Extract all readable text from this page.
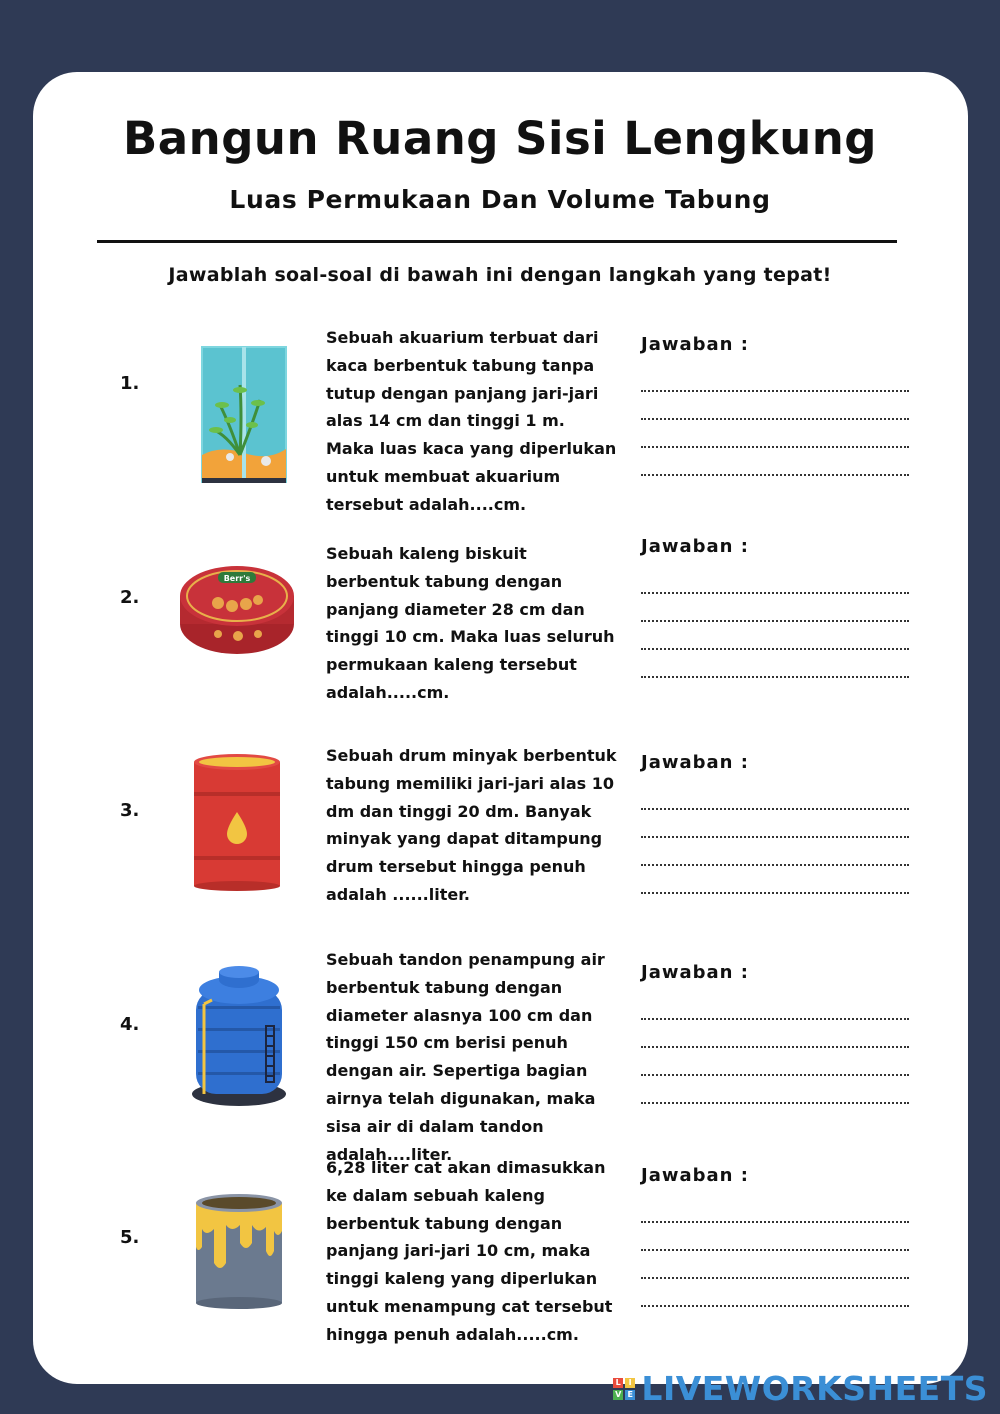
Bangun Ruang Sisi Lengkung
Luas Permukaan Dan Volume Tabung
Jawablah soal-soal di bawah ini dengan langkah yang tepat!
1.
Sebuah akuarium terbuat dari kaca berbentuk tabung tanpa tutup dengan panjang jari-jari alas 14 cm dan tinggi 1 m. Maka luas kaca yang diperlukan untuk membuat akuarium tersebut adalah....cm.
Jawaban :
2.
Berr's
Sebuah kaleng biskuit berbentuk tabung dengan panjang diameter 28 cm dan tinggi 10 cm. Maka luas seluruh permukaan kaleng tersebut adalah.....cm.
Jawaban :
3.
Sebuah drum minyak berbentuk tabung memiliki jari-jari alas 10 dm dan tinggi 20 dm. Banyak minyak yang dapat ditampung drum tersebut hingga penuh adalah ......liter.
Jawaban :
4.
Sebuah tandon penampung air berbentuk tabung dengan diameter alasnya 100 cm dan tinggi 150 cm berisi penuh dengan air. Sepertiga bagian airnya telah digunakan, maka sisa air di dalam tandon adalah....liter.
Jawaban :
5.
6,28 liter cat akan dimasukkan ke dalam sebuah kaleng berbentuk tabung dengan panjang jari-jari 10 cm, maka tinggi kaleng yang diperlukan untuk menampung cat tersebut hingga penuh adalah.....cm.
Jawaban :
L I
V E LIVEWORKSHEETS
